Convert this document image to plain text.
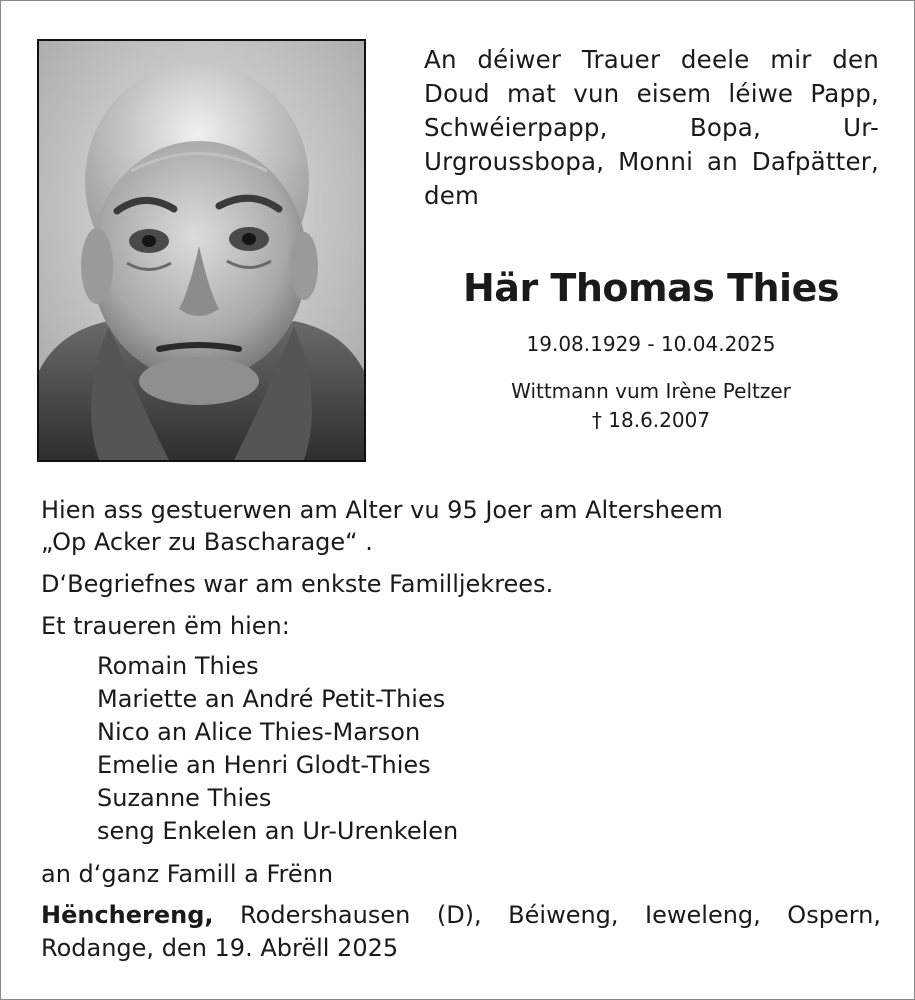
An déiwer Trauer deele mir den Doud mat vun eisem léiwe Papp, Schwéierpapp, Bopa, Ur-Urgroussbopa, Monni an Dafpätter, dem
Här Thomas Thies
19.08.1929 - 10.04.2025
Wittmann vum Irène Peltzer
† 18.6.2007

Hien ass gestuerwen am Alter vu 95 Joer am Altersheem

„Op Acker zu Bascharage“ .

D‘Begriefnes war am enkste Familljekrees.

Et traueren ëm hien:

Romain Thies
Mariette an André Petit-Thies
Nico an Alice Thies-Marson
Emelie an Henri Glodt-Thies
Suzanne Thies
seng Enkelen an Ur-Urenkelen

an d‘ganz Famill a Frënn

Hënchereng, Rodershausen (D), Béiweng, Ieweleng, Ospern, Rodange, den 19. Abrëll 2025
